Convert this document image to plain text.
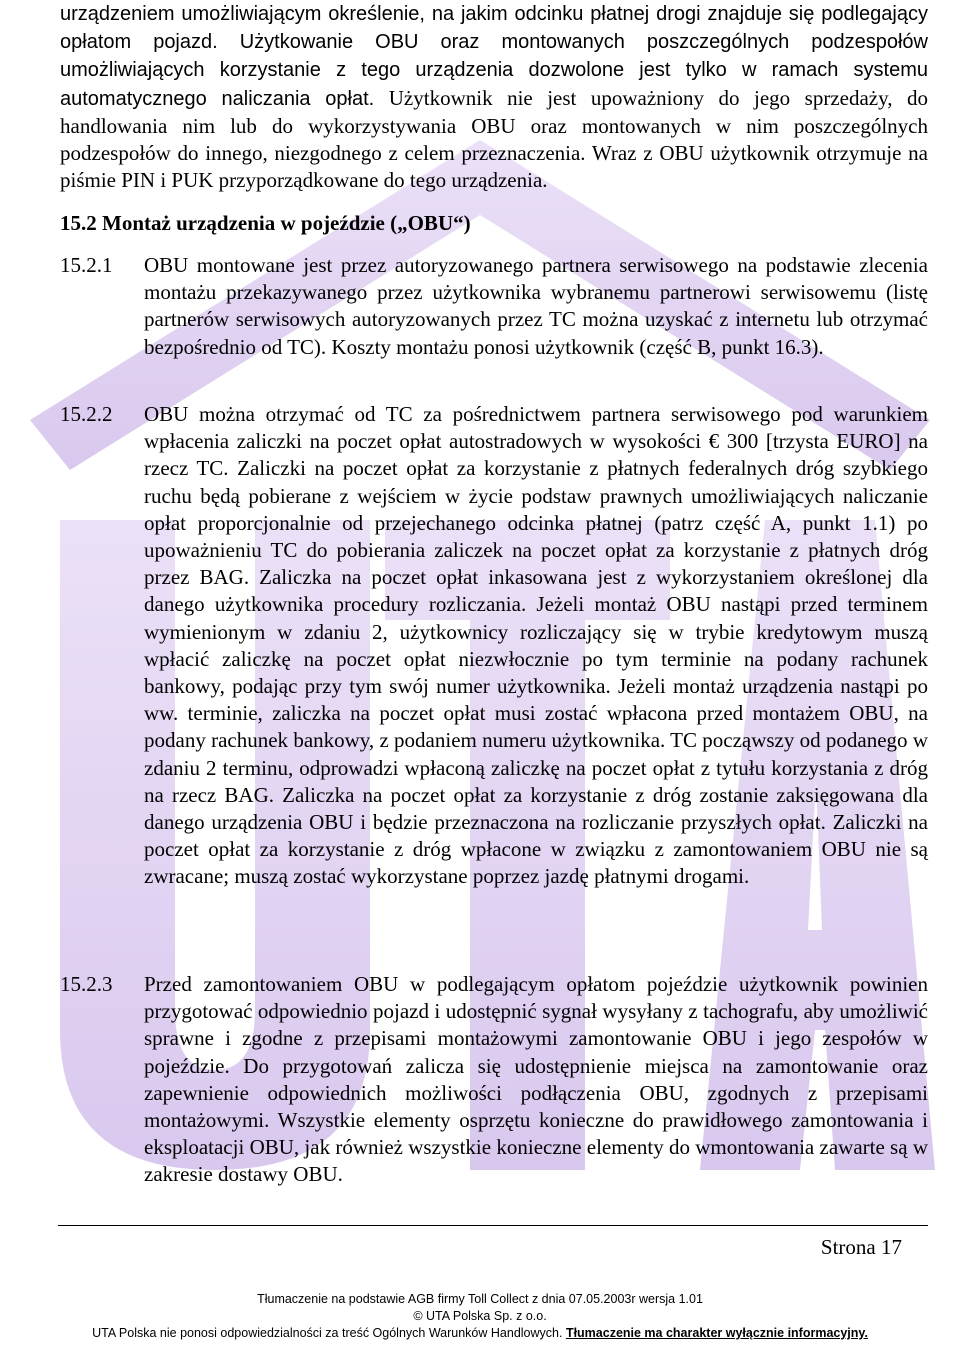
urządzeniem umożliwiającym określenie, na jakim odcinku płatnej drogi znajduje się podlegający opłatom pojazd. Użytkowanie OBU oraz montowanych poszczególnych podzespołów umożliwiających korzystanie z tego urządzenia dozwolone jest tylko w ramach systemu automatycznego naliczania opłat. Użytkownik nie jest upoważniony do jego sprzedaży, do handlowania nim lub do wykorzystywania OBU oraz montowanych w nim poszczególnych podzespołów do innego, niezgodnego z celem przeznaczenia. Wraz z OBU użytkownik otrzymuje na piśmie PIN i PUK przyporządkowane do tego urządzenia.

15.2 Montaż urządzenia w pojeździe („OBU“)
15.2.1 OBU montowane jest przez autoryzowanego partnera serwisowego na podstawie zlecenia montażu przekazywanego przez użytkownika wybranemu partnerowi serwisowemu (listę partnerów serwisowych autoryzowanych przez TC można uzyskać z internetu lub otrzymać bezpośrednio od TC). Koszty montażu ponosi użytkownik (część B, punkt 16.3).

15.2.2 OBU można otrzymać od TC za pośrednictwem partnera serwisowego pod warunkiem wpłacenia zaliczki na poczet opłat autostradowych w wysokości € 300 [trzysta EURO] na rzecz TC. Zaliczki na poczet opłat za korzystanie z płatnych federalnych dróg szybkiego ruchu będą pobierane z wejściem w życie podstaw prawnych umożliwiających naliczanie opłat proporcjonalnie od przejechanego odcinka płatnej (patrz część A, punkt 1.1) po upoważnieniu TC do pobierania zaliczek na poczet opłat za korzystanie z płatnych dróg przez BAG. Zaliczka na poczet opłat inkasowana jest z wykorzystaniem określonej dla danego użytkownika procedury rozliczania. Jeżeli montaż OBU nastąpi przed terminem wymienionym w zdaniu 2, użytkownicy rozliczający się w trybie kredytowym muszą wpłacić zaliczkę na poczet opłat niezwłocznie po tym terminie na podany rachunek bankowy, podając przy tym swój numer użytkownika. Jeżeli montaż urządzenia nastąpi po ww. terminie, zaliczka na poczet opłat musi zostać wpłacona przed montażem OBU, na podany rachunek bankowy, z podaniem numeru użytkownika. TC począwszy od podanego w zdaniu 2 terminu, odprowadzi wpłaconą zaliczkę na poczet opłat z tytułu korzystania z dróg na rzecz BAG. Zaliczka na poczet opłat za korzystanie z dróg zostanie zaksięgowana dla danego urządzenia OBU i będzie przeznaczona na rozliczanie przyszłych opłat. Zaliczki na poczet opłat za korzystanie z dróg wpłacone w związku z zamontowaniem OBU nie są zwracane; muszą zostać wykorzystane poprzez jazdę płatnymi drogami.

15.2.3 Przed zamontowaniem OBU w podlegającym opłatom pojeździe użytkownik powinien przygotować odpowiednio pojazd i udostępnić sygnał wysyłany z tachografu, aby umożliwić sprawne i zgodne z przepisami montażowymi zamontowanie OBU i jego zespołów w pojeździe. Do przygotowań zalicza się udostępnienie miejsca na zamontowanie oraz zapewnienie odpowiednich możliwości podłączenia OBU, zgodnych z przepisami montażowymi. Wszystkie elementy osprzętu konieczne do prawidłowego zamontowania i eksploatacji OBU, jak również wszystkie konieczne elementy do wmontowania zawarte są w zakresie dostawy OBU.

Strona 17
Tłumaczenie na podstawie AGB firmy Toll Collect z dnia 07.05.2003r wersja 1.01
© UTA Polska Sp. z o.o.
UTA Polska nie ponosi odpowiedzialności za treść Ogólnych Warunków Handlowych. Tłumaczenie ma charakter wyłącznie informacyjny.
